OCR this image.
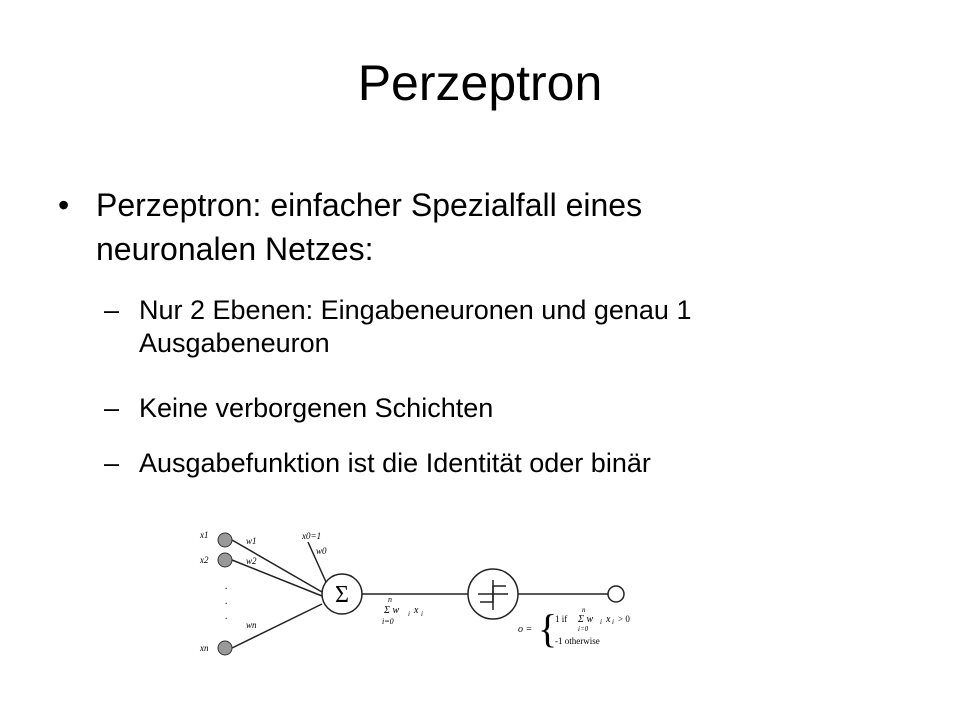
Perzeptron
• Perzeptron: einfacher Spezialfall eines
neuronalen Netzes:
– Nur 2 Ebenen: Eingabeneuronen und genau 1
Ausgabeneuron
– Keine verborgenen Schichten
– Ausgabefunktion ist die Identität oder binär
·
·
·
x1
x2
xn
w1
w2
wn
x0=1
w0
Σ	n
Σ w i x i
i=0
o = {
1 if
n
Σ w i x i > 0
i=0
-1 otherwise
